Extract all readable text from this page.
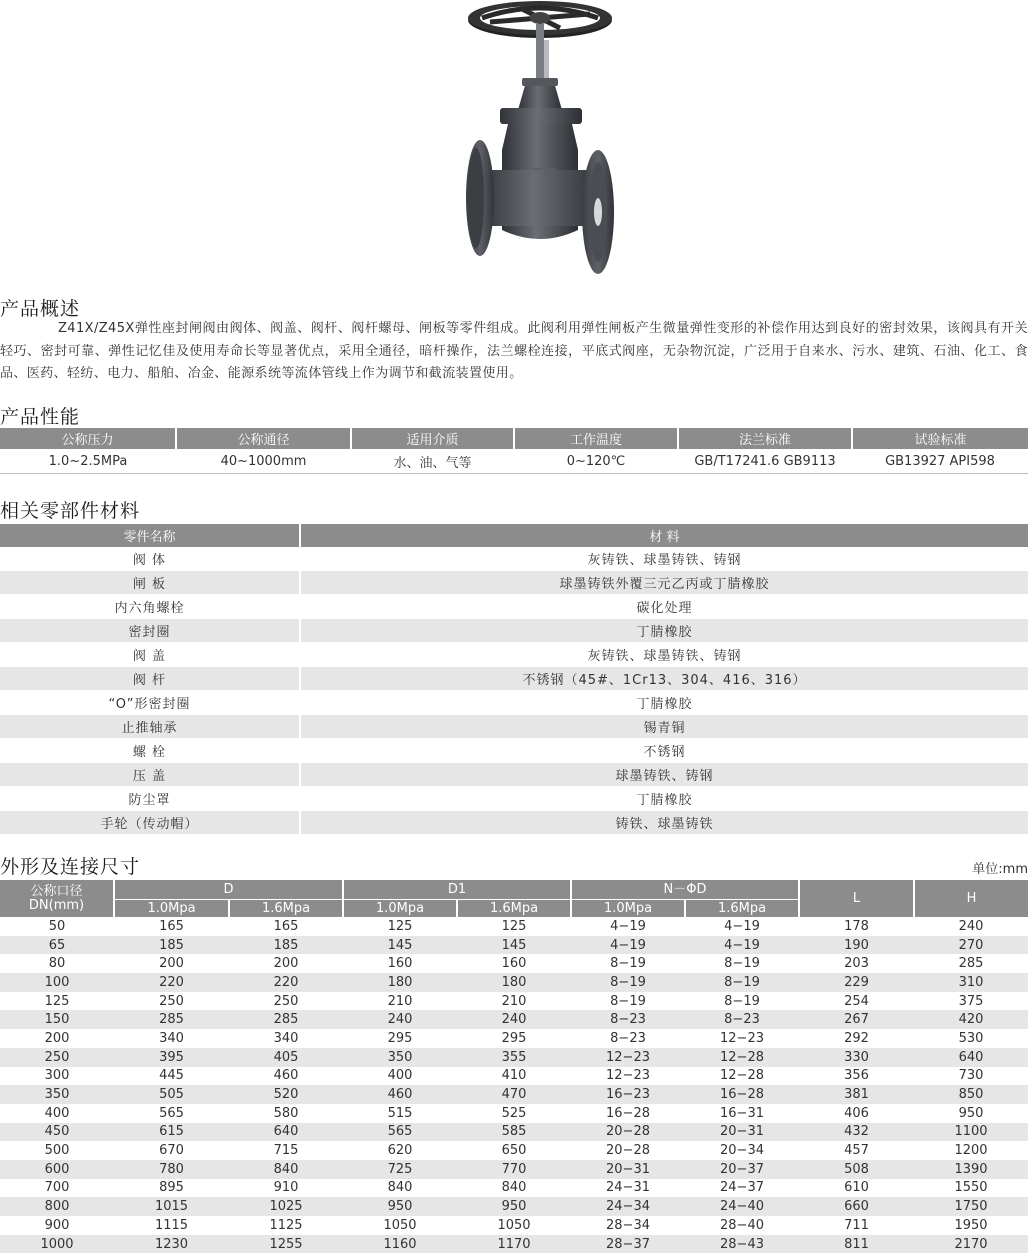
产品概述
Z41X/Z45X弹性座封闸阀由阀体、阀盖、阀杆、阀杆螺母、闸板等零件组成。此阀利用弹性闸板产生微量弹性变形的补偿作用达到良好的密封效果，该阀具有开关轻巧、密封可靠、弹性记忆佳及使用寿命长等显著优点，采用全通径，暗杆操作，法兰螺栓连接，平底式阀座，无杂物沉淀，广泛用于自来水、污水、建筑、石油、化工、食品、医药、轻纺、电力、船舶、冶金、能源系统等流体管线上作为调节和截流装置使用。
产品性能
公称压力	公称通径	适用介质	工作温度	法兰标准	试验标准
1.0~2.5MPa	40~1000mm	水、油、气等	0~120℃	GB/T17241.6 GB9113	GB13927 API598
相关零部件材料
零件名称	材 料
阀 体	灰铸铁、球墨铸铁、铸钢
闸 板	球墨铸铁外覆三元乙丙或丁腈橡胶
内六角螺栓	碳化处理
密封圈	丁腈橡胶
阀 盖	灰铸铁、球墨铸铁、铸钢
阀 杆	不锈钢（45#、1Cr13、304、416、316）
“O”形密封圈	丁腈橡胶
止推轴承	锡青铜
螺 栓	不锈钢
压 盖	球墨铸铁、铸钢
防尘罩	丁腈橡胶
手轮（传动帽）	铸铁、球墨铸铁
外形及连接尺寸	单位:mm
公称口径
DN(mm)	D		D1		N－ΦD		L	H
	1.0Mpa	1.6Mpa	1.0Mpa	1.6Mpa	1.0Mpa	1.6Mpa		
50	165	165	125	125	4−19	4−19	178	240
65	185	185	145	145	4−19	4−19	190	270
80	200	200	160	160	8−19	8−19	203	285
100	220	220	180	180	8−19	8−19	229	310
125	250	250	210	210	8−19	8−19	254	375
150	285	285	240	240	8−23	8−23	267	420
200	340	340	295	295	8−23	12−23	292	530
250	395	405	350	355	12−23	12−28	330	640
300	445	460	400	410	12−23	12−28	356	730
350	505	520	460	470	16−23	16−28	381	850
400	565	580	515	525	16−28	16−31	406	950
450	615	640	565	585	20−28	20−31	432	1100
500	670	715	620	650	20−28	20−34	457	1200
600	780	840	725	770	20−31	20−37	508	1390
700	895	910	840	840	24−31	24−37	610	1550
800	1015	1025	950	950	24−34	24−40	660	1750
900	1115	1125	1050	1050	28−34	28−40	711	1950
1000	1230	1255	1160	1170	28−37	28−43	811	2170
